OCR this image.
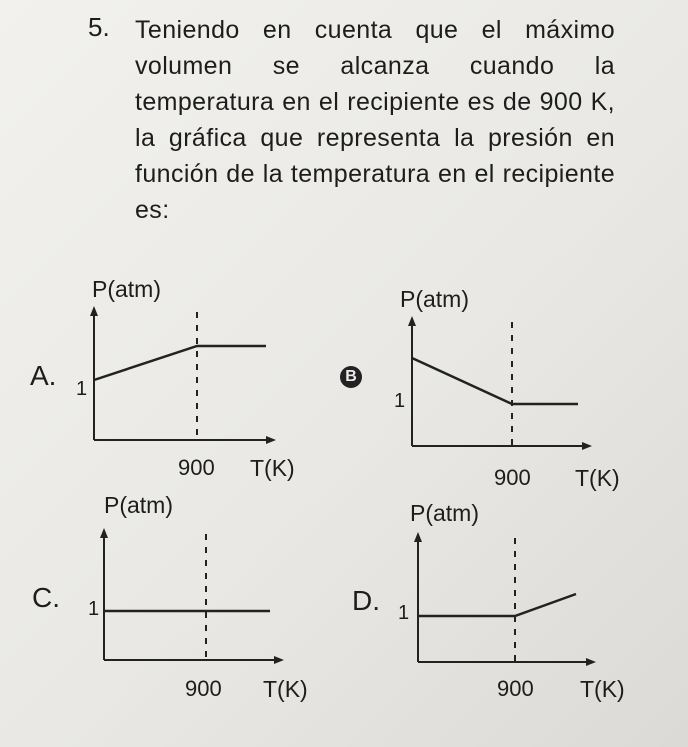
5. Teniendo en cuenta que el máximo volumen se alcanza cuando la temperatura en el recipiente es de 900 K, la gráfica que representa la presión en función de la temperatura en el recipiente es:
A.
P(atm)
1
900 T(K)
B
P(atm)
1
900 T(K)
C.
P(atm)
1
900 T(K)
D.
P(atm)
1
900 T(K)
